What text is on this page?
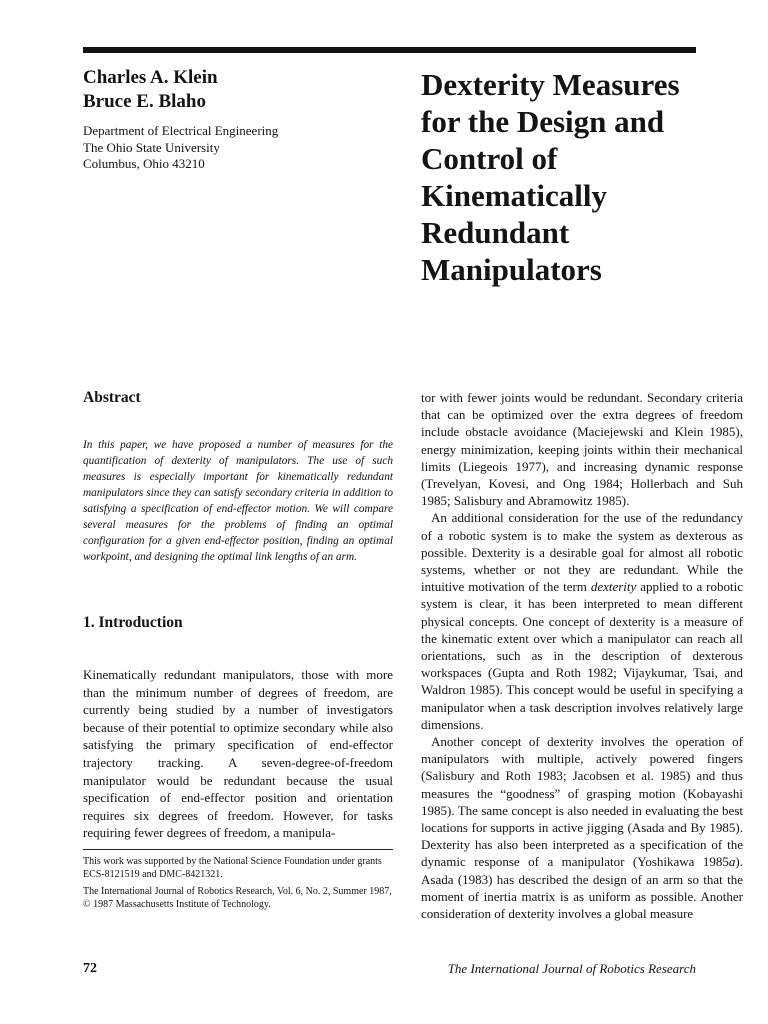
Charles A. Klein
Bruce E. Blaho
Department of Electrical Engineering
The Ohio State University
Columbus, Ohio 43210
Dexterity Measures
for the Design and
Control of
Kinematically
Redundant
Manipulators
Abstract
In this paper, we have proposed a number of measures for the quantification of dexterity of manipulators. The use of such measures is especially important for kinematically redundant manipulators since they can satisfy secondary criteria in addition to satisfying a specification of end-effector motion. We will compare several measures for the problems of finding an optimal configuration for a given end-effector position, finding an optimal workpoint, and designing the optimal link lengths of an arm.
1. Introduction
Kinematically redundant manipulators, those with more than the minimum number of degrees of freedom, are currently being studied by a number of investigators because of their potential to optimize secondary while also satisfying the primary specification of end-effector trajectory tracking. A seven-degree-of-freedom manipulator would be redundant because the usual specification of end-effector position and orientation requires six degrees of freedom. However, for tasks requiring fewer degrees of freedom, a manipula-

tor with fewer joints would be redundant. Secondary criteria that can be optimized over the extra degrees of freedom include obstacle avoidance (Maciejewski and Klein 1985), energy minimization, keeping joints within their mechanical limits (Liegeois 1977), and increasing dynamic response (Trevelyan, Kovesi, and Ong 1984; Hollerbach and Suh 1985; Salisbury and Abramowitz 1985).

An additional consideration for the use of the redundancy of a robotic system is to make the system as dexterous as possible. Dexterity is a desirable goal for almost all robotic systems, whether or not they are redundant. While the intuitive motivation of the term dexterity applied to a robotic system is clear, it has been interpreted to mean different physical concepts. One concept of dexterity is a measure of the kinematic extent over which a manipulator can reach all orientations, such as in the description of dexterous workspaces (Gupta and Roth 1982; Vijaykumar, Tsai, and Waldron 1985). This concept would be useful in specifying a manipulator when a task description involves relatively large dimensions.

Another concept of dexterity involves the operation of manipulators with multiple, actively powered fingers (Salisbury and Roth 1983; Jacobsen et al. 1985) and thus measures the “goodness” of grasping motion (Kobayashi 1985). The same concept is also needed in evaluating the best locations for supports in active jigging (Asada and By 1985). Dexterity has also been interpreted as a specification of the dynamic response of a manipulator (Yoshikawa 1985a). Asada (1983) has described the design of an arm so that the moment of inertia matrix is as uniform as possible. Another consideration of dexterity involves a global measure

This work was supported by the National Science Foundation under grants ECS-8121519 and DMC-8421321.

The International Journal of Robotics Research, Vol. 6, No. 2, Summer 1987, © 1987 Massachusetts Institute of Technology.

72	The International Journal of Robotics Research
